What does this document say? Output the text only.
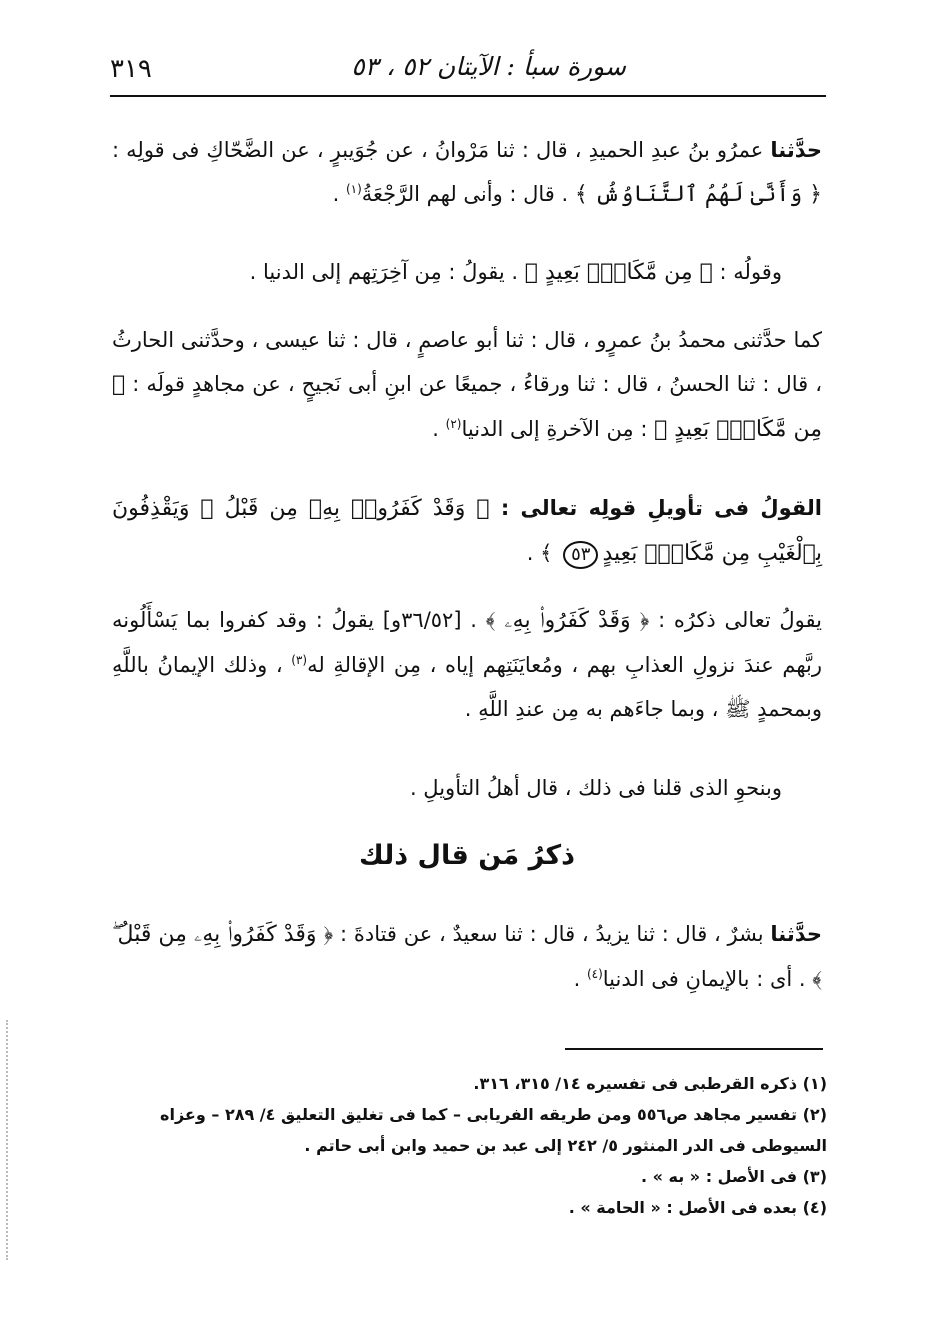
٣١٩	سورة سبأ : الآيتان ٥٢ ، ٥٣

حدَّثنا عمرُو بنُ عبدِ الحميدِ ، قال : ثنا مَرْوانُ ، عن جُوَيبرٍ ، عن الضَّحّاكِ فى قولِه : ﴿ وَأَنَّىٰ لَهُمُ ٱلتَّنَاوُشُ ﴾ . قال : وأنى لهم الرَّجْعَةُ$^{(١)}$ .

وقولُه : ﴿ مِن مَّكَانٍۭ بَعِيدٍ ﴾ . يقولُ : مِن آخِرَتِهم إلى الدنيا .

كما حدَّثنى محمدُ بنُ عمرٍو ، قال : ثنا أبو عاصمٍ ، قال : ثنا عيسى ، وحدَّثنى الحارثُ ، قال : ثنا الحسنُ ، قال : ثنا ورقاءُ ، جميعًا عن ابنِ أبى نَجيحٍ ، عن مجاهدٍ قولَه : ﴿ مِن مَّكَانٍۭ بَعِيدٍ ﴾ : مِن الآخرةِ إلى الدنيا$^{(٢)}$ .

القولُ فى تأويلِ قولِه تعالى : ﴿ وَقَدْ كَفَرُوا۟ بِهِۦ مِن قَبْلُ ۖ وَيَقْذِفُونَ بِٱلْغَيْبِ مِن مَّكَانٍۭ بَعِيدٍ٥٣ ﴾ .

يقولُ تعالى ذكرُه : ﴿ وَقَدْ كَفَرُوا۟ بِهِۦ ﴾ . [٣٦/٥٢و] يقولُ : وقد كفروا بما يَسْأَلُونه ربَّهم عندَ نزولِ العذابِ بهم ، ومُعايَنَتِهم إياه ، مِن الإقالةِ له$^{(٣)}$ ، وذلك الإيمانُ باللَّهِ وبمحمدٍ ﷺ ، وبما جاءَهم به مِن عندِ اللَّهِ .

وبنحوِ الذى قلنا فى ذلك ، قال أهلُ التأويلِ .

ذكرُ مَن قال ذلك

حدَّثنا بشرٌ ، قال : ثنا يزيدُ ، قال : ثنا سعيدٌ ، عن قتادةَ : ﴿ وَقَدْ كَفَرُوا۟ بِهِۦ مِن قَبْلُ ۖ ﴾ . أى : بالإيمانِ فى الدنيا$^{(٤)}$ .

(١) ذكره القرطبى فى تفسيره ١٤/ ٣١٥، ٣١٦.

(٢) تفسير مجاهد ص٥٥٦ ومن طريقه الفريابى – كما فى تغليق التعليق ٤/ ٢٨٩ – وعزاه السيوطى فى الدر المنثور ٥/ ٢٤٢ إلى عبد بن حميد وابن أبى حاتم .

(٣) فى الأصل : « به » .

(٤) بعده فى الأصل : « الحامة » .
